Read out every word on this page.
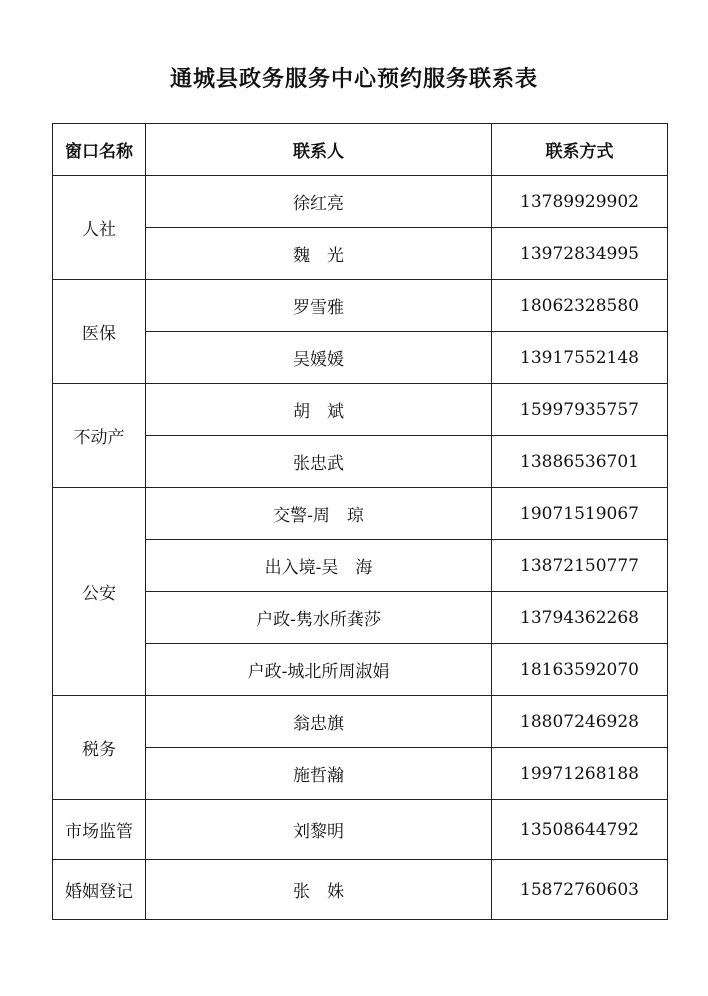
通城县政务服务中心预约服务联系表
窗口名称	联系人	联系方式
人社	徐红亮	13789929902
	魏　光	13972834995
医保	罗雪雅	18062328580
	吴媛媛	13917552148
不动产	胡　斌	15997935757
	张忠武	13886536701
公安	交警-周　琼	19071519067
	出入境-吴　海	13872150777
	户政-隽水所龚莎	13794362268
	户政-城北所周淑娟	18163592070
税务	翁忠旗	18807246928
	施哲瀚	19971268188
市场监管	刘黎明	13508644792
婚姻登记	张　姝	15872760603
